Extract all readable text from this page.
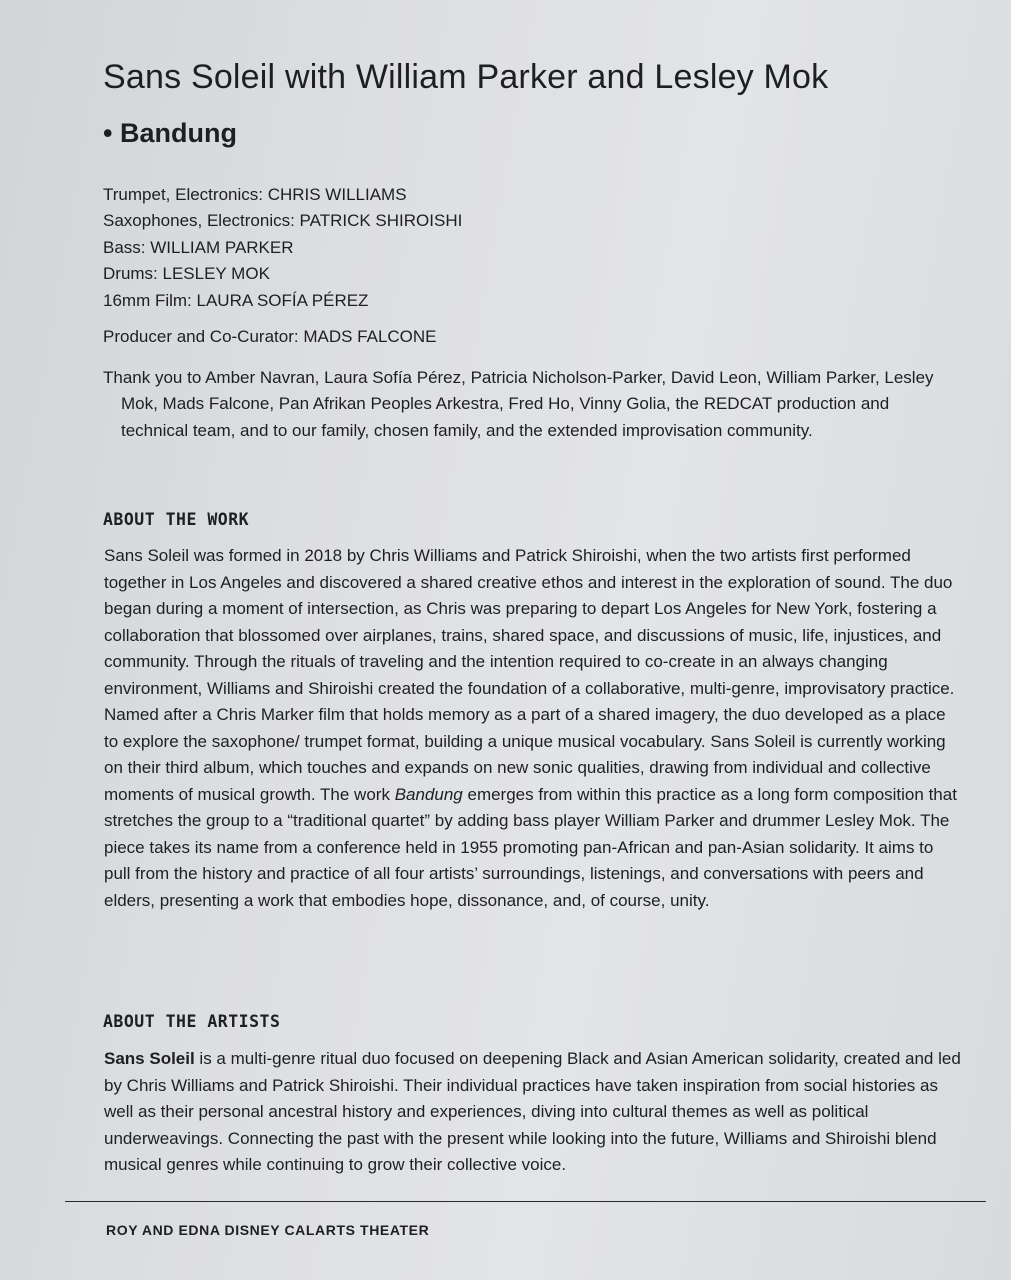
Sans Soleil with William Parker and Lesley Mok
• Bandung
Trumpet, Electronics: CHRIS WILLIAMS
Saxophones, Electronics: PATRICK SHIROISHI
Bass: WILLIAM PARKER
Drums: LESLEY MOK
16mm Film: LAURA SOFÍA PÉREZ
Producer and Co-Curator: MADS FALCONE

Thank you to Amber Navran, Laura Sofía Pérez, Patricia Nicholson-Parker, David Leon, William Parker, Lesley Mok, Mads Falcone, Pan Afrikan Peoples Arkestra, Fred Ho, Vinny Golia, the REDCAT production and technical team, and to our family, chosen family, and the extended improvisation community.

ABOUT THE WORK

Sans Soleil was formed in 2018 by Chris Williams and Patrick Shiroishi, when the two artists first performed together in Los Angeles and discovered a shared creative ethos and interest in the exploration of sound. The duo began during a moment of intersection, as Chris was preparing to depart Los Angeles for New York, fostering a collaboration that blossomed over airplanes, trains, shared space, and discussions of music, life, injustices, and community. Through the rituals of traveling and the intention required to co-create in an always changing environment, Williams and Shiroishi created the foundation of a collaborative, multi-genre, improvisatory practice. Named after a Chris Marker film that holds memory as a part of a shared imagery, the duo developed as a place to explore the saxophone/ trumpet format, building a unique musical vocabulary. Sans Soleil is currently working on their third album, which touches and expands on new sonic qualities, drawing from individual and collective moments of musical growth. The work Bandung emerges from within this practice as a long form composition that stretches the group to a “traditional quartet” by adding bass player William Parker and drummer Lesley Mok. The piece takes its name from a conference held in 1955 promoting pan-African and pan-Asian solidarity. It aims to pull from the history and practice of all four artists’ surroundings, listenings, and conversations with peers and elders, presenting a work that embodies hope, dissonance, and, of course, unity.

ABOUT THE ARTISTS

Sans Soleil is a multi-genre ritual duo focused on deepening Black and Asian American solidarity, created and led by Chris Williams and Patrick Shiroishi. Their individual practices have taken inspiration from social histories as well as their personal ancestral history and experiences, diving into cultural themes as well as political underweavings. Connecting the past with the present while looking into the future, Williams and Shiroishi blend musical genres while continuing to grow their collective voice.

ROY AND EDNA DISNEY CALARTS THEATER
